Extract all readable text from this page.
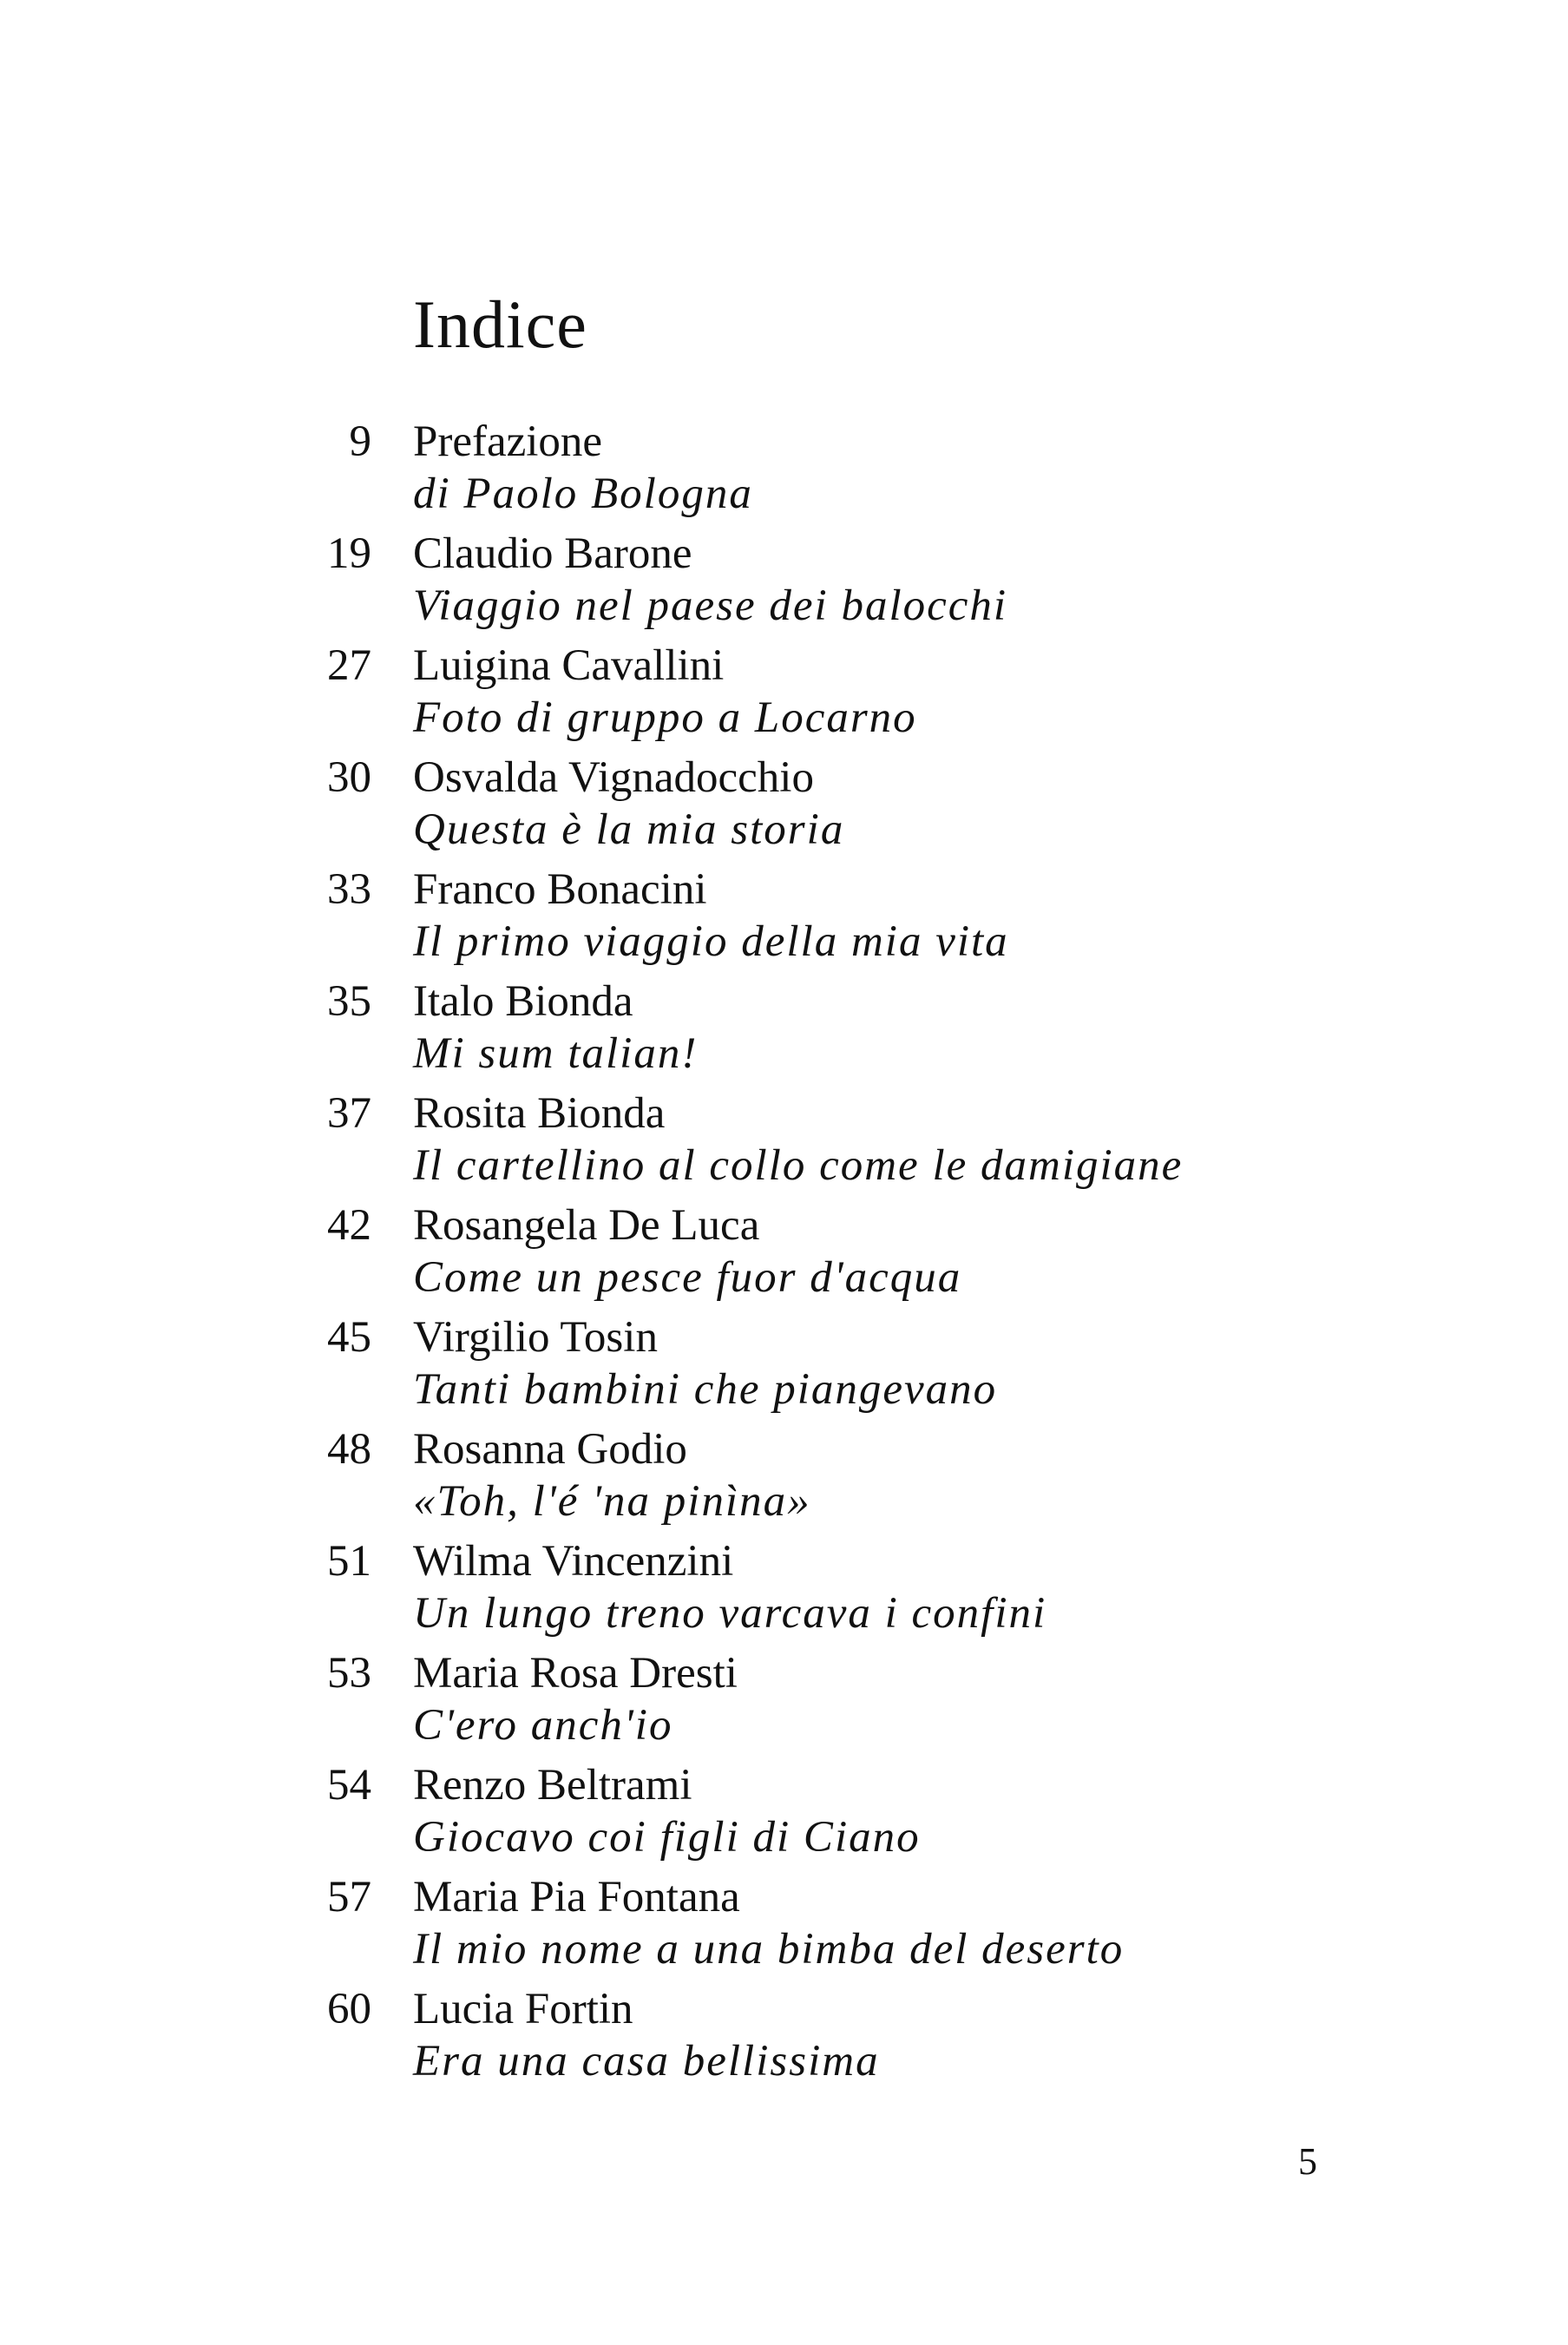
Indice
9 Prefazione
di Paolo Bologna
19 Claudio Barone
Viaggio nel paese dei balocchi
27 Luigina Cavallini
Foto di gruppo a Locarno
30 Osvalda Vignadocchio
Questa è la mia storia
33 Franco Bonacini
Il primo viaggio della mia vita
35 Italo Bionda
Mi sum talian!
37 Rosita Bionda
Il cartellino al collo come le damigiane
42 Rosangela De Luca
Come un pesce fuor d'acqua
45 Virgilio Tosin
Tanti bambini che piangevano
48 Rosanna Godio
«Toh, l'é 'na pinìna»
51 Wilma Vincenzini
Un lungo treno varcava i confini
53 Maria Rosa Dresti
C'ero anch'io
54 Renzo Beltrami
Giocavo coi figli di Ciano
57 Maria Pia Fontana
Il mio nome a una bimba del deserto
60 Lucia Fortin
Era una casa bellissima
5
